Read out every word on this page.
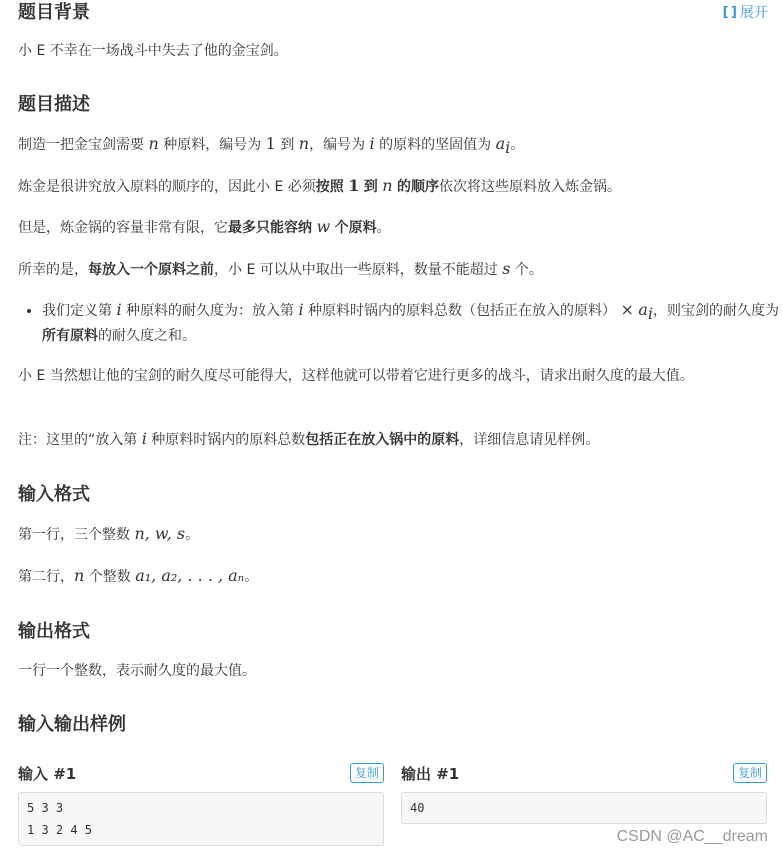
[ ] 展开
题目背景

小 E 不幸在一场战斗中失去了他的金宝剑。

题目描述

制造一把金宝剑需要 n 种原料，编号为 1 到 n，编号为 i 的原料的坚固值为 $a_i$。

炼金是很讲究放入原料的顺序的，因此小 E 必须按照 1 到 n 的顺序依次将这些原料放入炼金锅。

但是，炼金锅的容量非常有限，它最多只能容纳 w 个原料。

所幸的是，每放入一个原料之前，小 E 可以从中取出一些原料，数量不能超过 s 个。

• 我们定义第 i 种原料的耐久度为：放入第 i 种原料时锅内的原料总数（包括正在放入的原料） × $a_i$，则宝剑的耐久度为所有原料的耐久度之和。

小 E 当然想让他的宝剑的耐久度尽可能得大，这样他就可以带着它进行更多的战斗，请求出耐久度的最大值。

注：这里的“放入第 i 种原料时锅内的原料总数包括正在放入锅中的原料，详细信息请见样例。

输入格式

第一行，三个整数 n, w, s。

第二行，n 个整数 a₁, a₂, . . . , aₙ。

输出格式

一行一个整数，表示耐久度的最大值。

输入输出样例
输入 #1	复制
5 3 3
1 3 2 4 5
输出 #1	复制
40
CSDN @AC__dream
